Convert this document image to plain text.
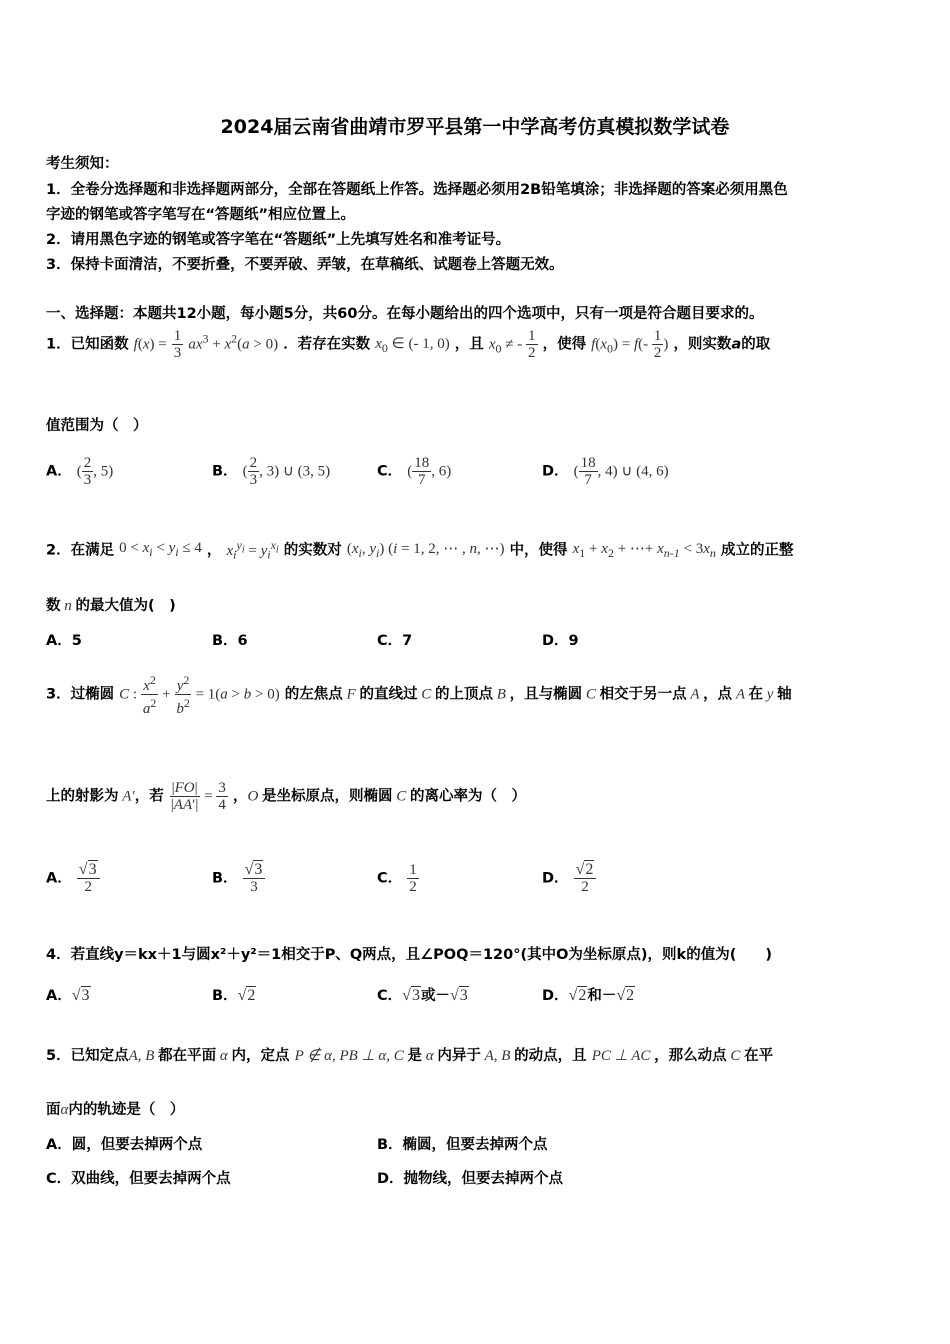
2024届云南省曲靖市罗平县第一中学高考仿真模拟数学试卷
考生须知：
1．全卷分选择题和非选择题两部分，全部在答题纸上作答。选择题必须用2B铅笔填涂；非选择题的答案必须用黑色
字迹的钢笔或答字笔写在“答题纸”相应位置上。
2．请用黑色字迹的钢笔或答字笔在“答题纸”上先填写姓名和准考证号。
3．保持卡面清洁，不要折叠，不要弄破、弄皱，在草稿纸、试题卷上答题无效。
一、选择题：本题共12小题，每小题5分，共60分。在每小题给出的四个选项中，只有一项是符合题目要求的。
1．已知函数 $f(x) = \frac{1}{3} ax^3 + x^2(a > 0)$ ．若存在实数 $x_0$ ∈ (- 1, 0) ，且 $x_0$ ≠ - $\frac{1}{2}$ ，使得 $f(x_0) = f(- \frac{1}{2}$ ) ，则实数a的取
值范围为（　）
A． ( $\frac{2}{3}$ , 5)	B． ( $\frac{2}{3}$ , 3) ∪ (3, 5)	C． ( $\frac{18}{7}$ , 6)	D． ( $\frac{18}{7}$ , 4) ∪ (4, 6)
2．在满足 $0 < x_i < y_i \le 4$ ， $x_i^{y_i} = y_i^{x_i}$ 的实数对 ($x_i$, $y_i$) (i = 1, 2, ⋯ , n, ⋯) 中，使得 $x_1 + x_2$ + ⋯+ $x_{n-1} < 3x_n$ 成立的正整
数 n 的最大值为(　)
A．5	B．6	C．7	D．9
3．过椭圆 C : $\frac{x^2}{a^2} + \frac{y^2}{b^2} = 1(a > b > 0)$ 的左焦点 F 的直线过 C 的上顶点 B ，且与椭圆 C 相交于另一点 A ，点 A 在 y 轴
上的射影为 A′，若 $\frac{|FO|}{|AA'|} = \frac{3}{4}$ ，O 是坐标原点，则椭圆 C 的离心率为（　）
A． $\frac{√3}{2}$	B． $\frac{√3}{3}$	C． $\frac{1}{2}$	D． $\frac{√2}{2}$
4．若直线y＝kx＋1与圆x²＋y²＝1相交于P、Q两点，且∠POQ＝120°(其中O为坐标原点)，则k的值为(　　)
A．√3	B．√2	C．√3或－√3	D．√2和－√2
5．已知定点A, B 都在平面 α 内，定点 P ∉ α, PB ⊥ α, C 是 α 内异于 A, B 的动点，且 PC ⊥ AC ，那么动点 C 在平
面α内的轨迹是（　）
A．圆，但要去掉两个点	B．椭圆，但要去掉两个点
C．双曲线，但要去掉两个点	D．抛物线，但要去掉两个点
